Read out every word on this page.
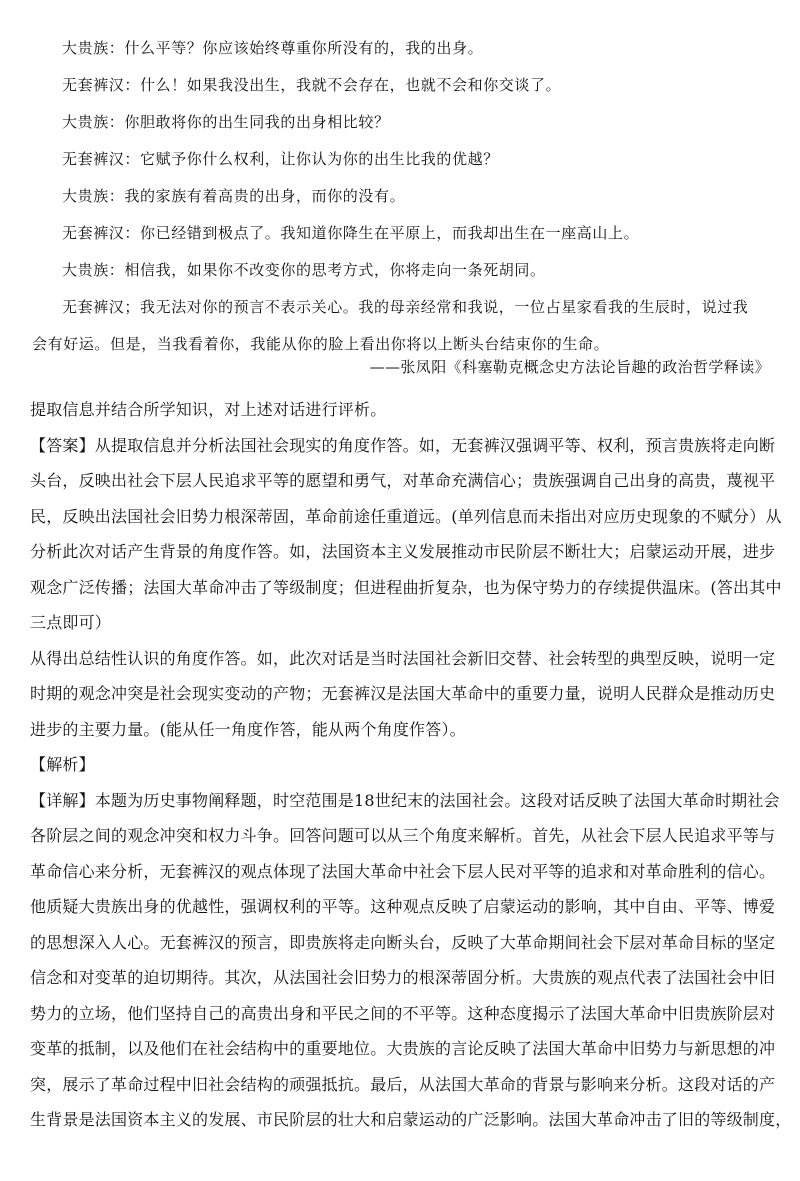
大贵族：什么平等？你应该始终尊重你所没有的，我的出身。

无套裤汉：什么！如果我没出生，我就不会存在，也就不会和你交谈了。

大贵族：你胆敢将你的出生同我的出身相比较？

无套裤汉：它赋予你什么权利，让你认为你的出生比我的优越？

大贵族：我的家族有着高贵的出身，而你的没有。

无套裤汉：你已经错到极点了。我知道你降生在平原上，而我却出生在一座高山上。

大贵族：相信我，如果你不改变你的思考方式，你将走向一条死胡同。

无套裤汉；我无法对你的预言不表示关心。我的母亲经常和我说，一位占星家看我的生辰时，说过我

会有好运。但是，当我看着你，我能从你的脸上看出你将以上断头台结束你的生命。

——张凤阳《科塞勒克概念史方法论旨趣的政治哲学释读》
提取信息并结合所学知识，对上述对话进行评析。
【答案】从提取信息并分析法国社会现实的角度作答。如，无套裤汉强调平等、权利，预言贵族将走向断
头台，反映出社会下层人民追求平等的愿望和勇气，对革命充满信心；贵族强调自己出身的高贵，蔑视平
民，反映出法国社会旧势力根深蒂固，革命前途任重道远。(单列信息而未指出对应历史现象的不赋分）从
分析此次对话产生背景的角度作答。如，法国资本主义发展推动市民阶层不断壮大；启蒙运动开展，进步
观念广泛传播；法国大革命冲击了等级制度；但进程曲折复杂，也为保守势力的存续提供温床。(答出其中
三点即可）
从得出总结性认识的角度作答。如，此次对话是当时法国社会新旧交替、社会转型的典型反映，说明一定
时期的观念冲突是社会现实变动的产物；无套裤汉是法国大革命中的重要力量，说明人民群众是推动历史
进步的主要力量。(能从任一角度作答，能从两个角度作答）。
【解析】
【详解】本题为历史事物阐释题，时空范围是18世纪末的法国社会。这段对话反映了法国大革命时期社会
各阶层之间的观念冲突和权力斗争。回答问题可以从三个角度来解析。首先，从社会下层人民追求平等与
革命信心来分析，无套裤汉的观点体现了法国大革命中社会下层人民对平等的追求和对革命胜利的信心。
他质疑大贵族出身的优越性，强调权利的平等。这种观点反映了启蒙运动的影响，其中自由、平等、博爱
的思想深入人心。无套裤汉的预言，即贵族将走向断头台，反映了大革命期间社会下层对革命目标的坚定
信念和对变革的迫切期待。其次，从法国社会旧势力的根深蒂固分析。大贵族的观点代表了法国社会中旧
势力的立场，他们坚持自己的高贵出身和平民之间的不平等。这种态度揭示了法国大革命中旧贵族阶层对
变革的抵制，以及他们在社会结构中的重要地位。大贵族的言论反映了法国大革命中旧势力与新思想的冲
突，展示了革命过程中旧社会结构的顽强抵抗。最后，从法国大革命的背景与影响来分析。这段对话的产
生背景是法国资本主义的发展、市民阶层的壮大和启蒙运动的广泛影响。法国大革命冲击了旧的等级制度，
